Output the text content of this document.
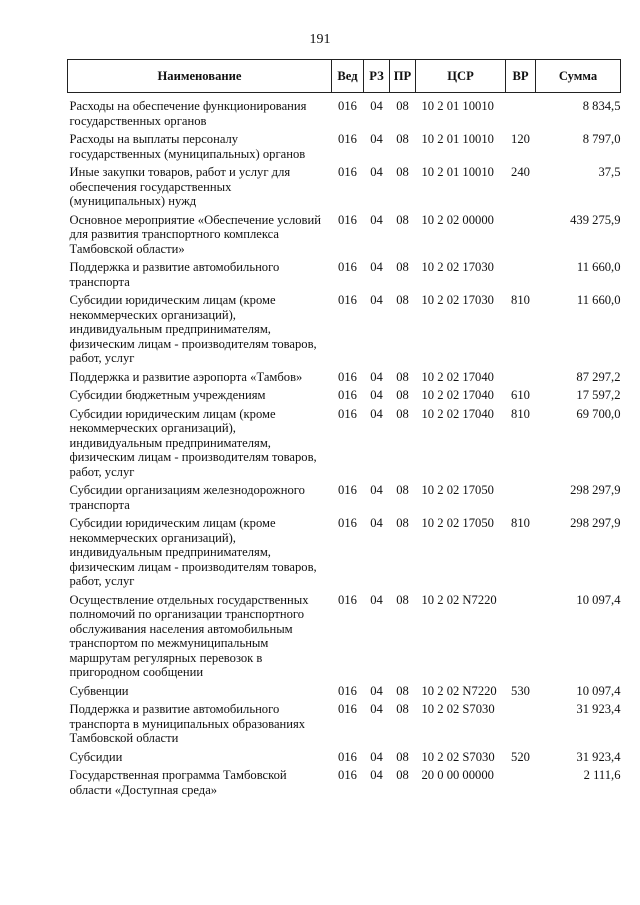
191
Наименование	Вед	РЗ	ПР	ЦСР	ВР	Сумма
Расходы на обеспечение функционирования государственных органов	016	04	08	10 2 01 10010		8 834,5
Расходы на выплаты персоналу государственных (муниципальных) органов	016	04	08	10 2 01 10010	120	8 797,0
Иные закупки товаров, работ и услуг для обеспечения государственных (муниципальных) нужд	016	04	08	10 2 01 10010	240	37,5
Основное мероприятие «Обеспечение условий для развития транспортного комплекса Тамбовской области»	016	04	08	10 2 02 00000		439 275,9
Поддержка и развитие автомобильного транспорта	016	04	08	10 2 02 17030		11 660,0
Субсидии юридическим лицам (кроме некоммерческих организаций), индивидуальным предпринимателям, физическим лицам - производителям товаров, работ, услуг	016	04	08	10 2 02 17030	810	11 660,0
Поддержка и развитие аэропорта «Тамбов»	016	04	08	10 2 02 17040		87 297,2
Субсидии бюджетным учреждениям	016	04	08	10 2 02 17040	610	17 597,2
Субсидии юридическим лицам (кроме некоммерческих организаций), индивидуальным предпринимателям, физическим лицам - производителям товаров, работ, услуг	016	04	08	10 2 02 17040	810	69 700,0
Субсидии организациям железнодорожного транспорта	016	04	08	10 2 02 17050		298 297,9
Субсидии юридическим лицам (кроме некоммерческих организаций), индивидуальным предпринимателям, физическим лицам - производителям товаров, работ, услуг	016	04	08	10 2 02 17050	810	298 297,9
Осуществление отдельных государственных полномочий по организации транспортного обслуживания населения автомобильным транспортом по межмуниципальным маршрутам регулярных перевозок в пригородном сообщении	016	04	08	10 2 02 N7220		10 097,4
Субвенции	016	04	08	10 2 02 N7220	530	10 097,4
Поддержка и развитие автомобильного транспорта в муниципальных образованиях Тамбовской области	016	04	08	10 2 02 S7030		31 923,4
Субсидии	016	04	08	10 2 02 S7030	520	31 923,4
Государственная программа Тамбовской области «Доступная среда»	016	04	08	20 0 00 00000		2 111,6
